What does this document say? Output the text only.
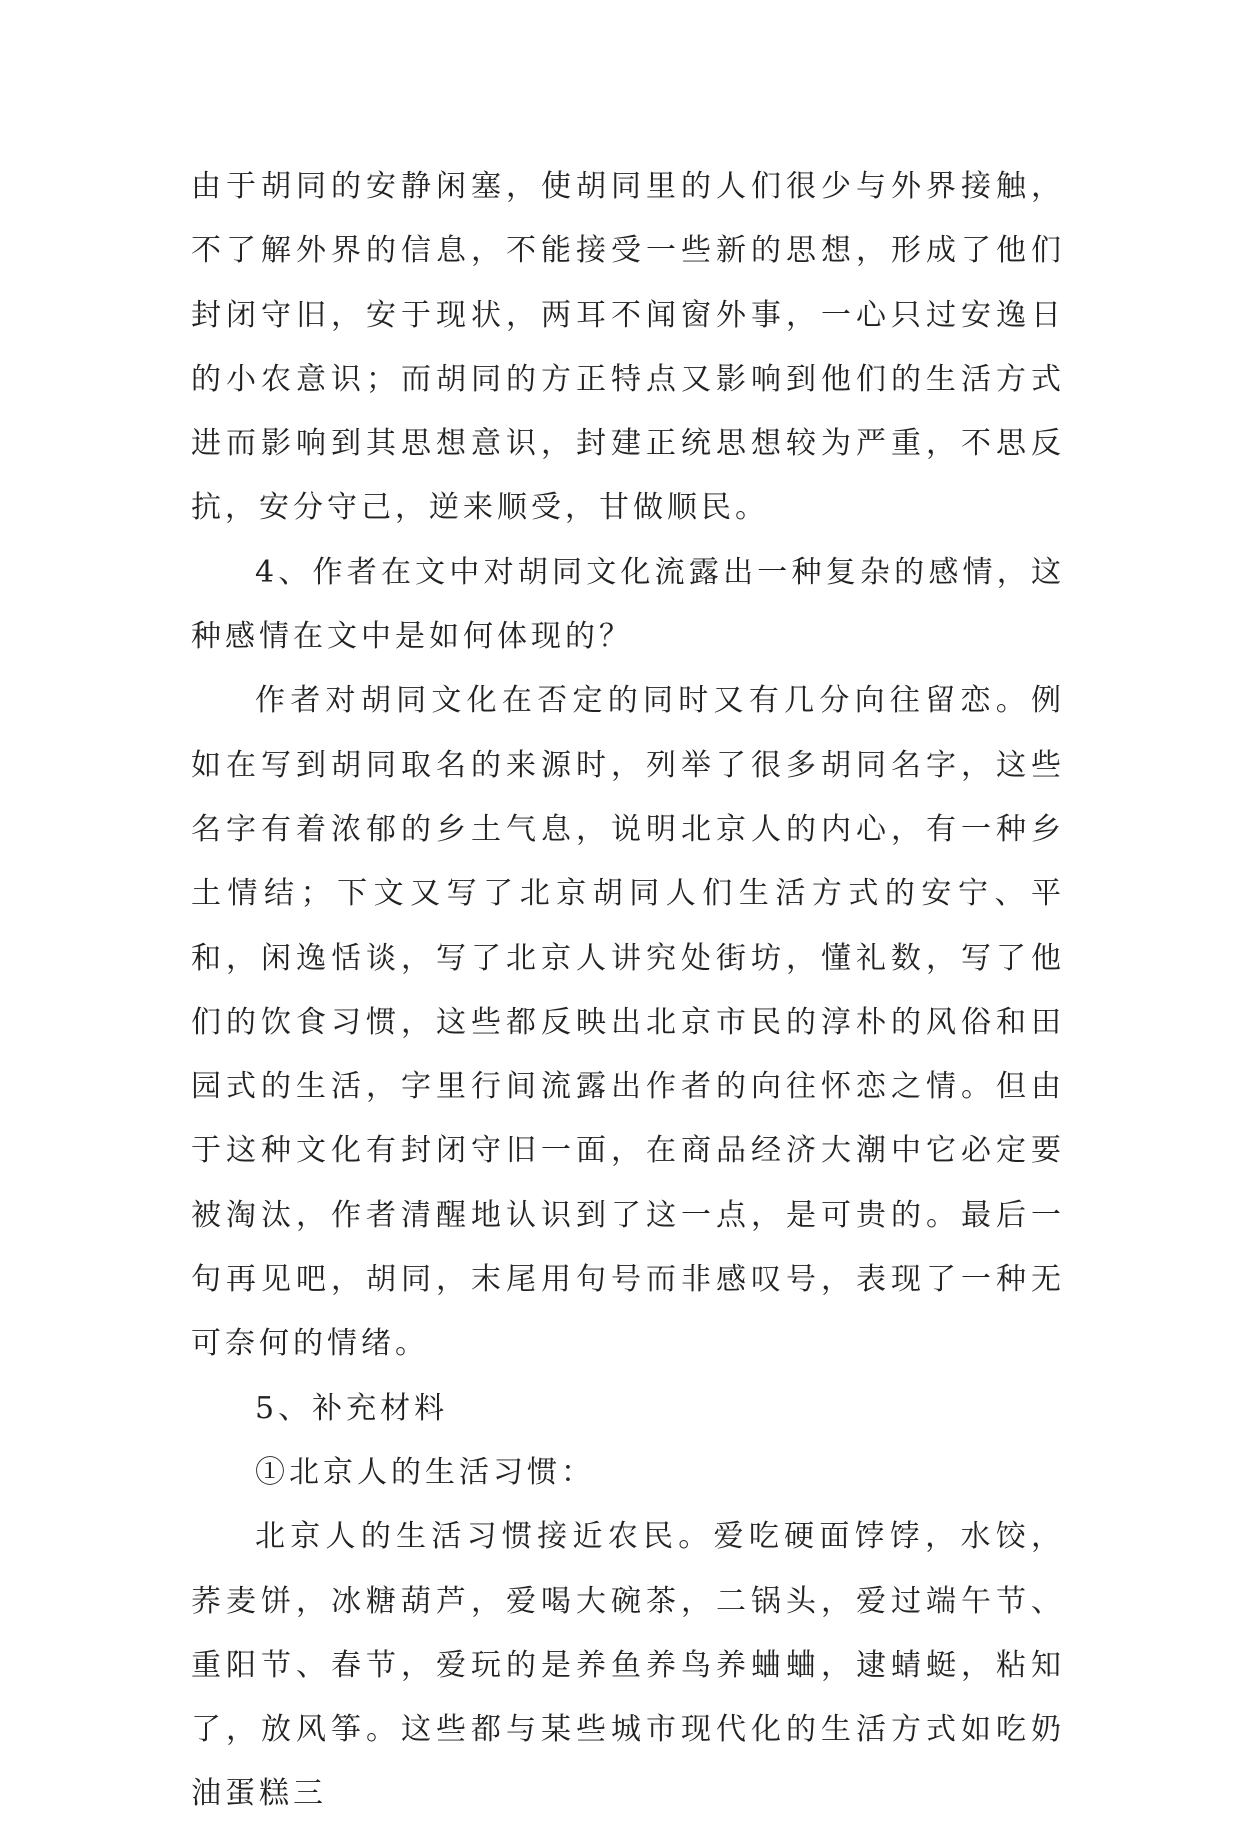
由于胡同的安静闲塞，使胡同里的人们很少与外界接触，不了解外界的信息，不能接受一些新的思想，形成了他们封闭守旧，安于现状，两耳不闻窗外事，一心只过安逸日的小农意识；而胡同的方正特点又影响到他们的生活方式进而影响到其思想意识，封建正统思想较为严重，不思反抗，安分守己，逆来顺受，甘做顺民。

4、作者在文中对胡同文化流露出一种复杂的感情，这种感情在文中是如何体现的？

作者对胡同文化在否定的同时又有几分向往留恋。例如在写到胡同取名的来源时，列举了很多胡同名字，这些名字有着浓郁的乡土气息，说明北京人的内心，有一种乡土情结；下文又写了北京胡同人们生活方式的安宁、平和，闲逸恬谈，写了北京人讲究处街坊，懂礼数，写了他们的饮食习惯，这些都反映出北京市民的淳朴的风俗和田园式的生活，字里行间流露出作者的向往怀恋之情。但由于这种文化有封闭守旧一面，在商品经济大潮中它必定要被淘汰，作者清醒地认识到了这一点，是可贵的。最后一句再见吧，胡同，末尾用句号而非感叹号，表现了一种无可奈何的情绪。

5、补充材料

①北京人的生活习惯：

北京人的生活习惯接近农民。爱吃硬面饽饽，水饺，荞麦饼，冰糖葫芦，爱喝大碗茶，二锅头，爱过端午节、重阳节、春节，爱玩的是养鱼养鸟养蛐蛐，逮蜻蜓，粘知了，放风筝。这些都与某些城市现代化的生活方式如吃奶油蛋糕三
